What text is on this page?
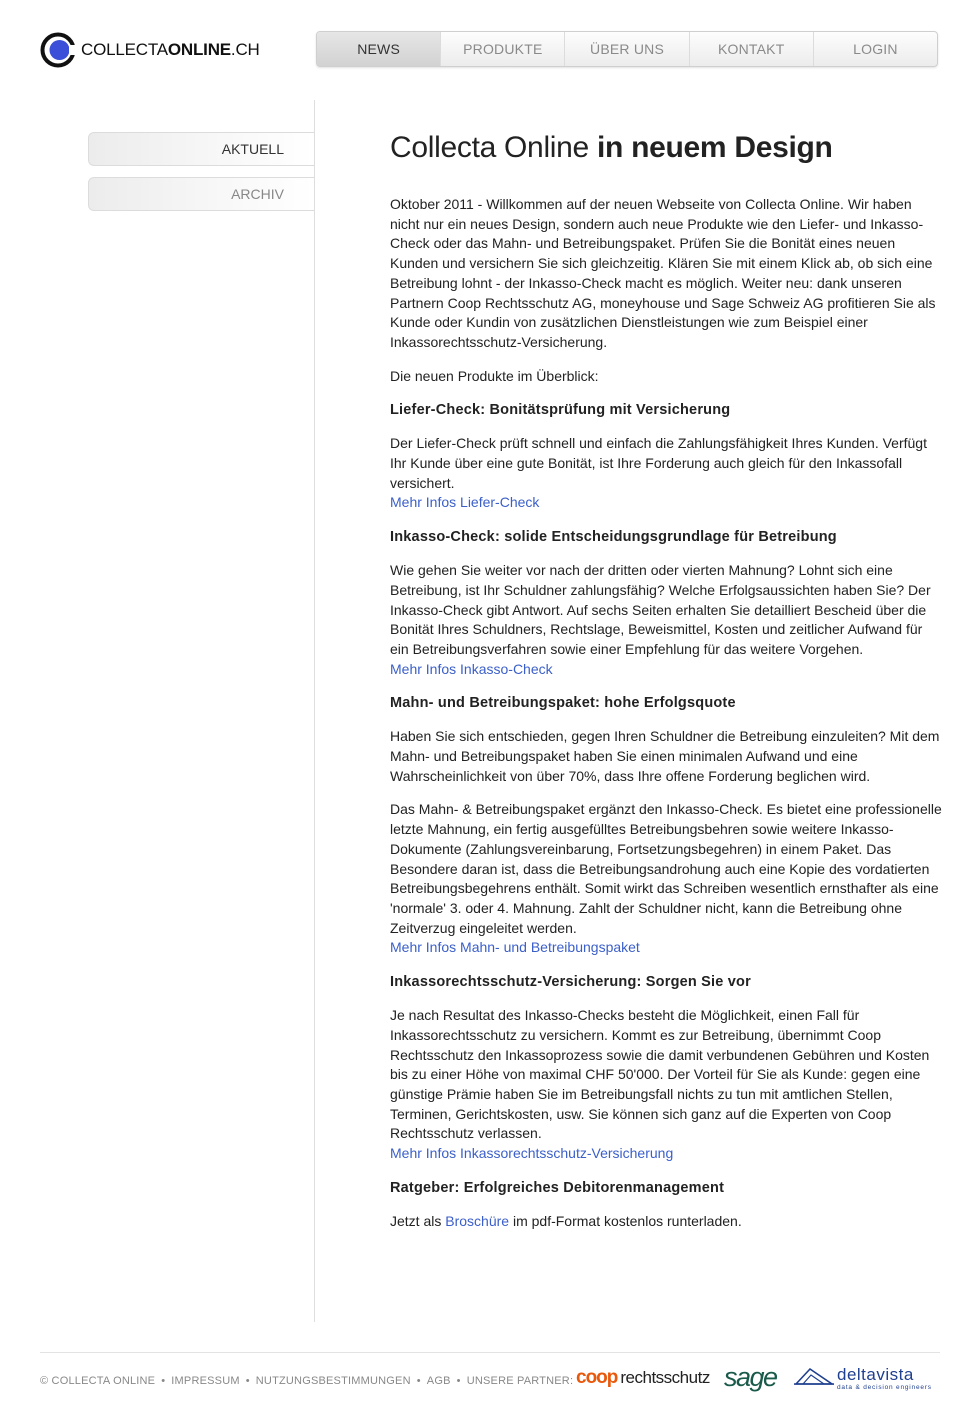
COLLECTAONLINE.CH	NEWS	PRODUKTE	ÜBER UNS	KONTAKT	LOGIN
AKTUELL
ARCHIV
Collecta Online in neuem Design

Oktober 2011 - Willkommen auf der neuen Webseite von Collecta Online. Wir haben nicht nur ein neues Design, sondern auch neue Produkte wie den Liefer- und Inkasso-Check oder das Mahn- und Betreibungspaket. Prüfen Sie die Bonität eines neuen Kunden und versichern Sie sich gleichzeitig. Klären Sie mit einem Klick ab, ob sich eine Betreibung lohnt - der Inkasso-Check macht es möglich. Weiter neu: dank unseren Partnern Coop Rechtsschutz AG, moneyhouse und Sage Schweiz AG profitieren Sie als Kunde oder Kundin von zusätzlichen Dienstleistungen wie zum Beispiel einer Inkassorechtsschutz-Versicherung.

Die neuen Produkte im Überblick:

Liefer-Check: Bonitätsprüfung mit Versicherung

Der Liefer-Check prüft schnell und einfach die Zahlungsfähigkeit Ihres Kunden. Verfügt Ihr Kunde über eine gute Bonität, ist Ihre Forderung auch gleich für den Inkassofall versichert.

Mehr Infos Liefer-Check
Inkasso-Check: solide Entscheidungsgrundlage für Betreibung

Wie gehen Sie weiter vor nach der dritten oder vierten Mahnung? Lohnt sich eine Betreibung, ist Ihr Schuldner zahlungsfähig? Welche Erfolgsaussichten haben Sie? Der Inkasso-Check gibt Antwort. Auf sechs Seiten erhalten Sie detailliert Bescheid über die Bonität Ihres Schuldners, Rechtslage, Beweismittel, Kosten und zeitlicher Aufwand für ein Betreibungsverfahren sowie einer Empfehlung für das weitere Vorgehen.

Mehr Infos Inkasso-Check
Mahn- und Betreibungspaket: hohe Erfolgsquote

Haben Sie sich entschieden, gegen Ihren Schuldner die Betreibung einzuleiten? Mit dem Mahn- und Betreibungspaket haben Sie einen minimalen Aufwand und eine Wahrscheinlichkeit von über 70%, dass Ihre offene Forderung beglichen wird.

Das Mahn- & Betreibungspaket ergänzt den Inkasso-Check. Es bietet eine professionelle letzte Mahnung, ein fertig ausgefülltes Betreibungsbehren sowie weitere Inkasso-Dokumente (Zahlungsvereinbarung, Fortsetzungsbegehren) in einem Paket. Das Besondere daran ist, dass die Betreibungsandrohung auch eine Kopie des vordatierten Betreibungsbegehrens enthält. Somit wirkt das Schreiben wesentlich ernsthafter als eine 'normale' 3. oder 4. Mahnung. Zahlt der Schuldner nicht, kann die Betreibung ohne Zeitverzug eingeleitet werden.

Mehr Infos Mahn- und Betreibungspaket
Inkassorechtsschutz-Versicherung: Sorgen Sie vor

Je nach Resultat des Inkasso-Checks besteht die Möglichkeit, einen Fall für Inkassorechtsschutz zu versichern. Kommt es zur Betreibung, übernimmt Coop Rechtsschutz den Inkassoprozess sowie die damit verbundenen Gebühren und Kosten bis zu einer Höhe von maximal CHF 50'000. Der Vorteil für Sie als Kunde: gegen eine günstige Prämie haben Sie im Betreibungsfall nichts zu tun mit amtlichen Stellen, Terminen, Gerichtskosten, usw. Sie können sich ganz auf die Experten von Coop Rechtsschutz verlassen.

Mehr Infos Inkassorechtsschutz-Versicherung
Ratgeber: Erfolgreiches Debitorenmanagement

Jetzt als Broschüre im pdf-Format kostenlos runterladen.

© COLLECTA ONLINE • IMPRESSUM • NUTZUNGSBESTIMMUNGEN • AGB • UNSERE PARTNER: coop rechtsschutz sage	deltavista
data & decision engineers
